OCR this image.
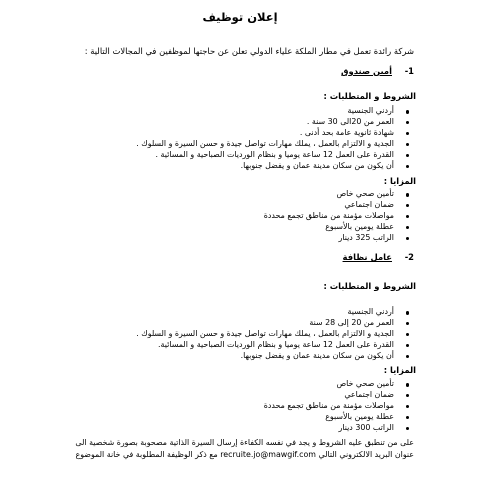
إعلان توظيف
شركة رائدة تعمل في مطار الملكة علياء الدولي تعلن عن حاجتها لموظفين في المجالات التالية :
1-
أمين صندوق
الشروط و المتطلبات :
أردني الجنسية
العمر من 20الى 30 سنة .
شهادة ثانوية عامة بحد أدنى .
الجدية و الالتزام بالعمل ، يملك مهارات تواصل جيدة و حسن السيرة و السلوك .
القدرة على العمل 12 ساعة يوميا و بنظام الورديات الصباحية و المسائية .
أن يكون من سكان مدينة عمان و يفضل جنوبها.
المزايا :
تأمين صحي خاص
ضمان اجتماعي
مواصلات مؤمنة من مناطق تجمع محددة
عطلة يومين بالأسبوع
الراتب 325 دينار
2-
عامل نظافة
الشروط و المتطلبات :
أردني الجنسية
العمر من 20 إلى 28 سنة
الجدية و الالتزام بالعمل ، يملك مهارات تواصل جيدة و حسن السيرة و السلوك .
القدرة على العمل 12 ساعة يوميا و بنظام الورديات الصباحية و المسائية.
أن يكون من سكان مدينة عمان و يفضل جنوبها.
المزايا :
تأمين صحي خاص
ضمان اجتماعي
مواصلات مؤمنة من مناطق تجمع محددة
عطلة يومين بالأسبوع
الراتب 300 دينار
على من تنطبق عليه الشروط و يجد في نفسه الكفاءة إرسال السيرة الذاتية مصحوبة بصورة شخصية الى
عنوان البريد الالكتروني التالي recruite.jo@mawgif.com مع ذكر الوظيفة المطلوبة في خانة الموضوع
